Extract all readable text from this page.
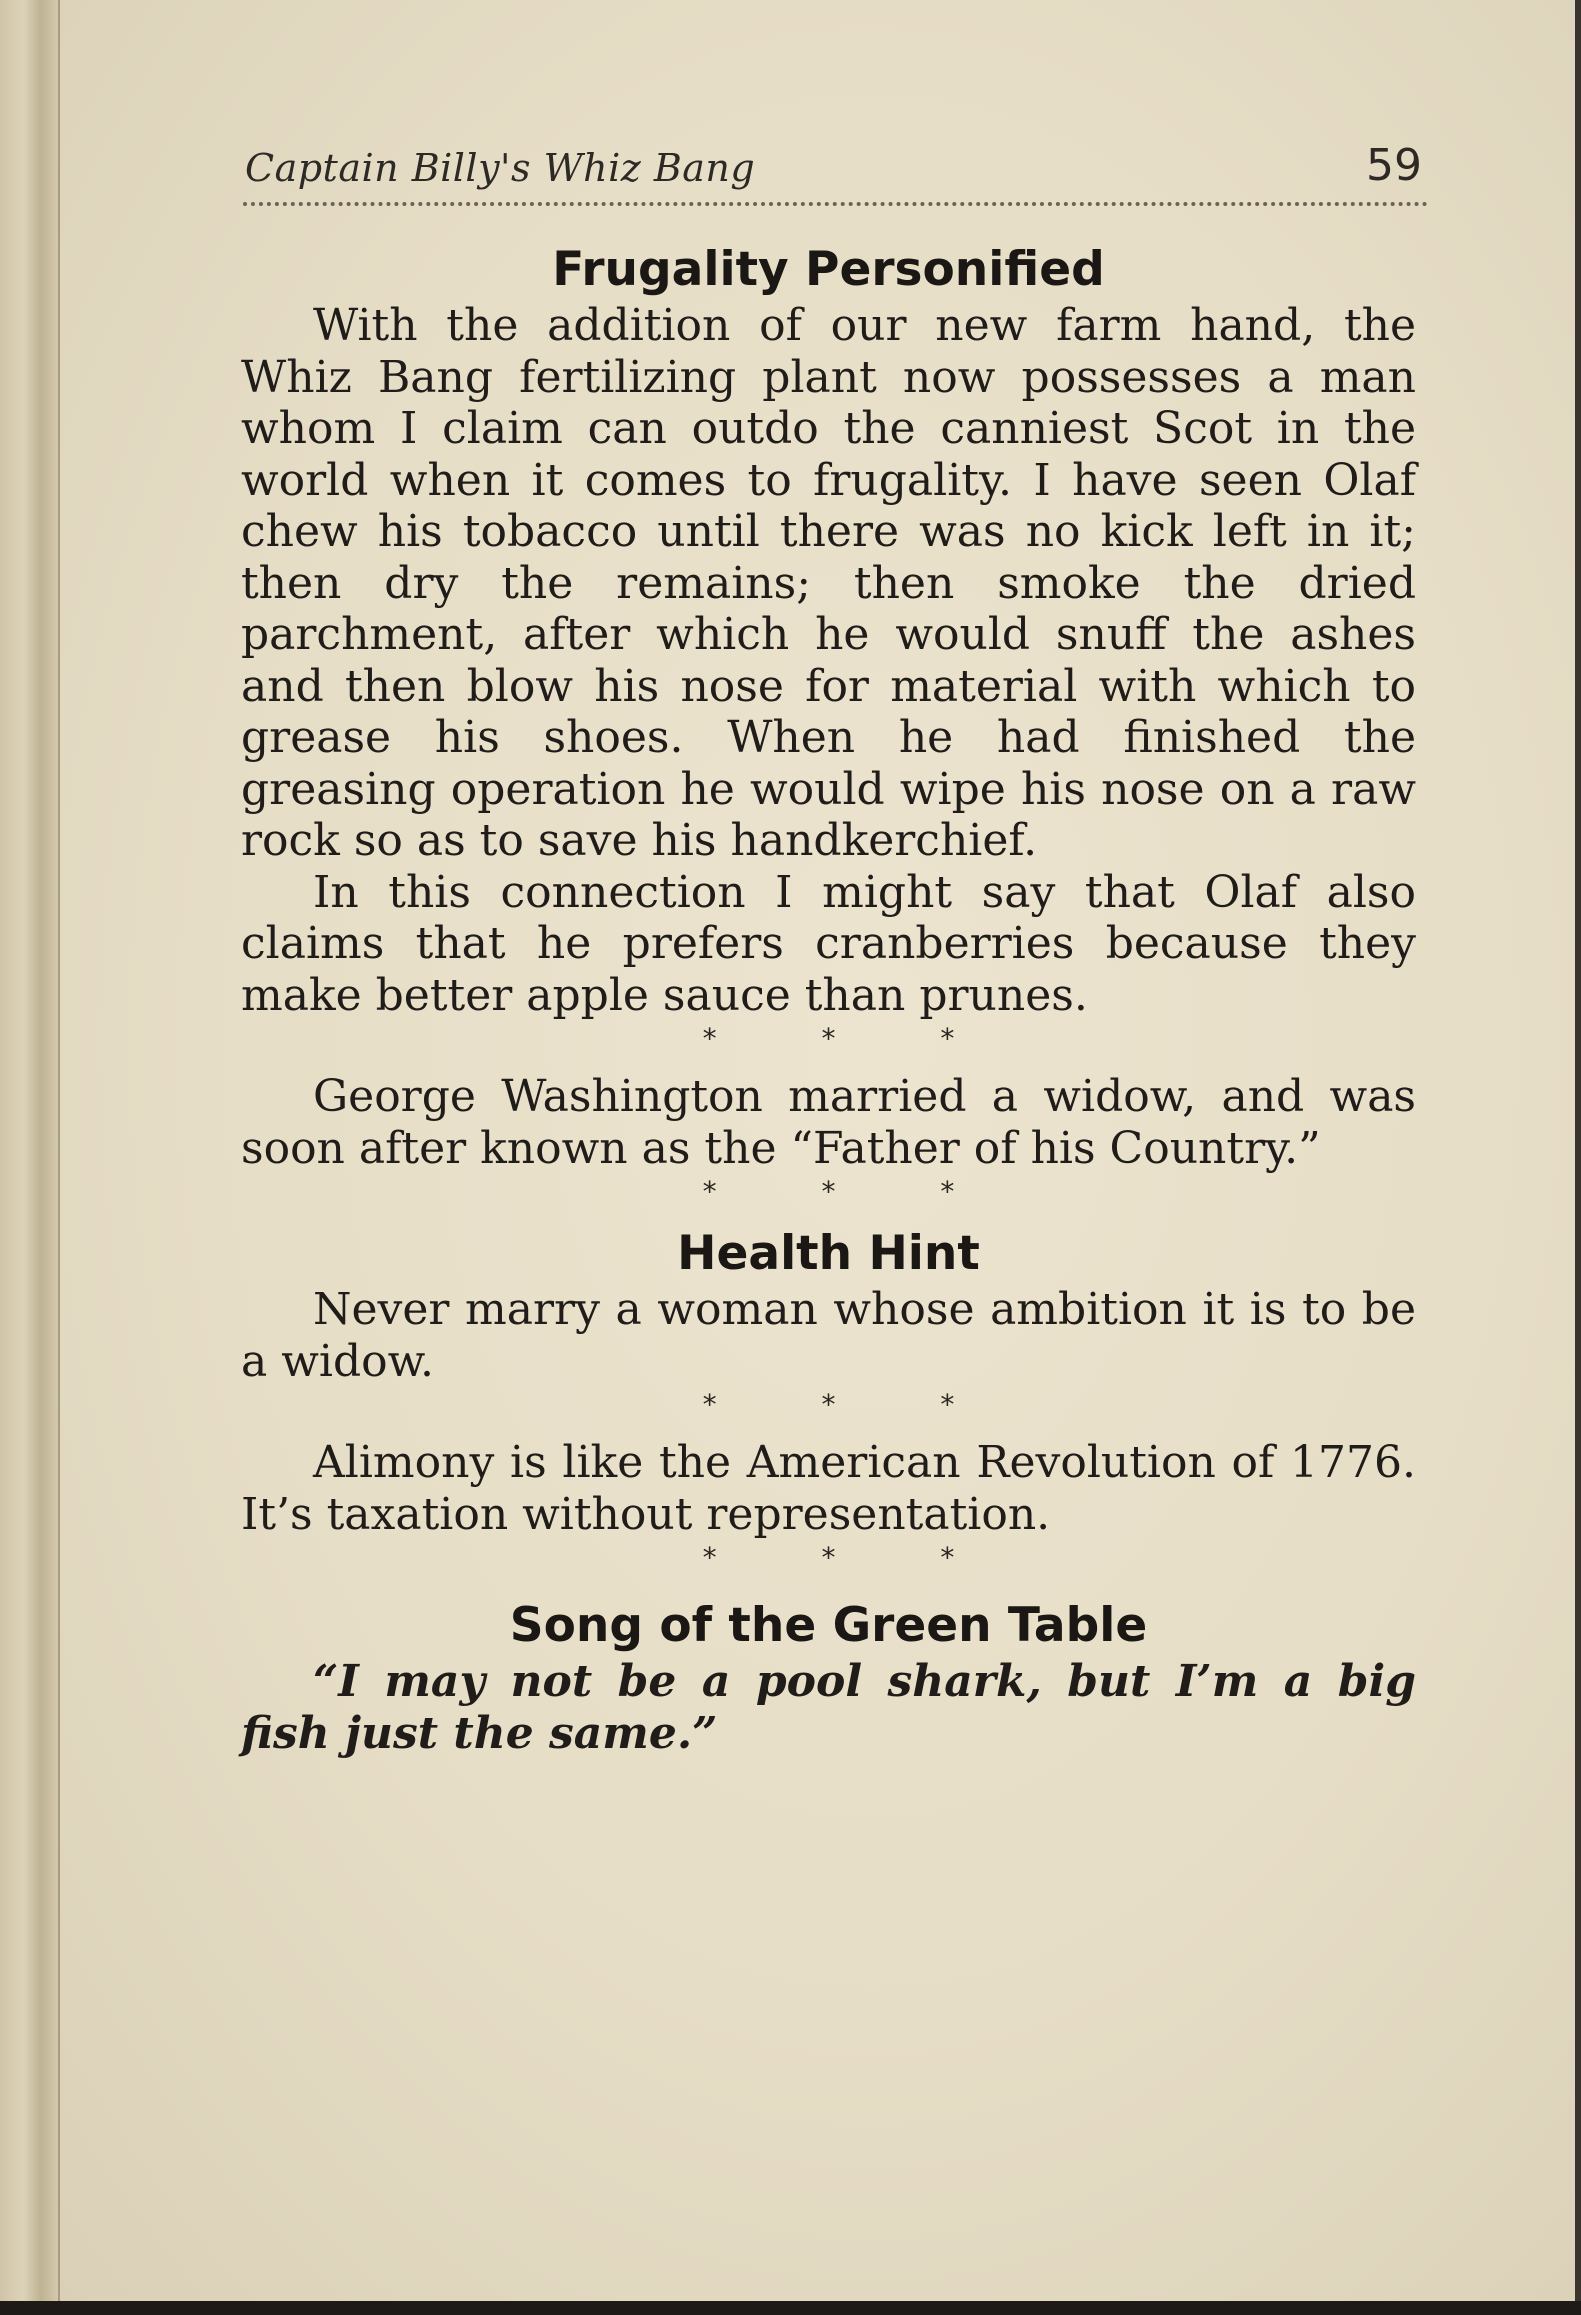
Captain Billy's Whiz Bang	59
Frugality Personified

With the addition of our new farm hand, the Whiz Bang fertilizing plant now possesses a man whom I claim can outdo the canniest Scot in the world when it comes to frugality. I have seen Olaf chew his tobacco until there was no kick left in it; then dry the remains; then smoke the dried parchment, after which he would snuff the ashes and then blow his nose for material with which to grease his shoes. When he had finished the greasing operation he would wipe his nose on a raw rock so as to save his handkerchief.

In this connection I might say that Olaf also claims that he prefers cranberries because they make better apple sauce than prunes.

* * *

George Washington married a widow, and was soon after known as the “Father of his Country.”

* * *

Health Hint

Never marry a woman whose ambition it is to be a widow.

* * *

Alimony is like the American Revolution of 1776. It’s taxation without representation.

* * *

Song of the Green Table

“I may not be a pool shark, but I’m a big fish just the same.”
